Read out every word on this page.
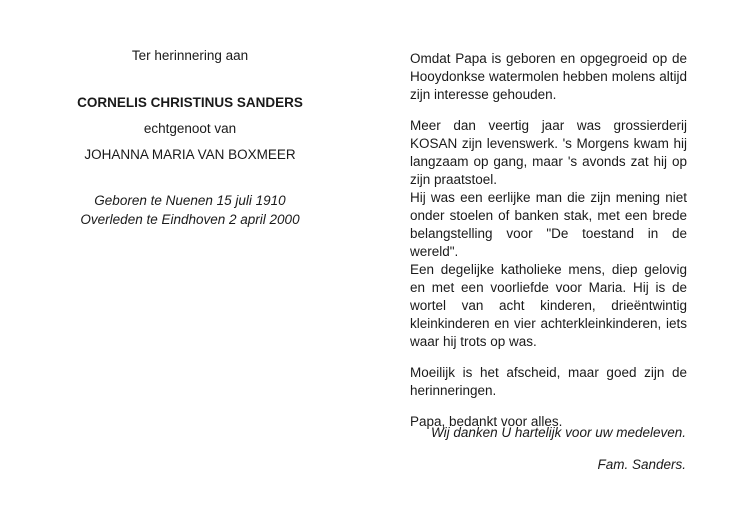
Ter herinnering aan
CORNELIS CHRISTINUS SANDERS
echtgenoot van
JOHANNA MARIA VAN BOXMEER
Geboren te Nuenen 15 juli 1910
Overleden te Eindhoven 2 april 2000

Omdat Papa is geboren en opgegroeid op de Hooydonkse watermolen hebben molens altijd zijn interesse gehouden.

Meer dan veertig jaar was grossierderij KOSAN zijn levenswerk. 's Morgens kwam hij langzaam op gang, maar 's avonds zat hij op zijn praatstoel.

Hij was een eerlijke man die zijn mening niet onder stoelen of banken stak, met een brede belangstelling voor "De toestand in de wereld".

Een degelijke katholieke mens, diep gelovig en met een voorliefde voor Maria. Hij is de wortel van acht kinderen, drieëntwintig kleinkinderen en vier achterkleinkinderen, iets waar hij trots op was.

Moeilijk is het afscheid, maar goed zijn de herinneringen.

Papa, bedankt voor alles.

Wij danken U hartelijk voor uw medeleven.
Fam. Sanders.
